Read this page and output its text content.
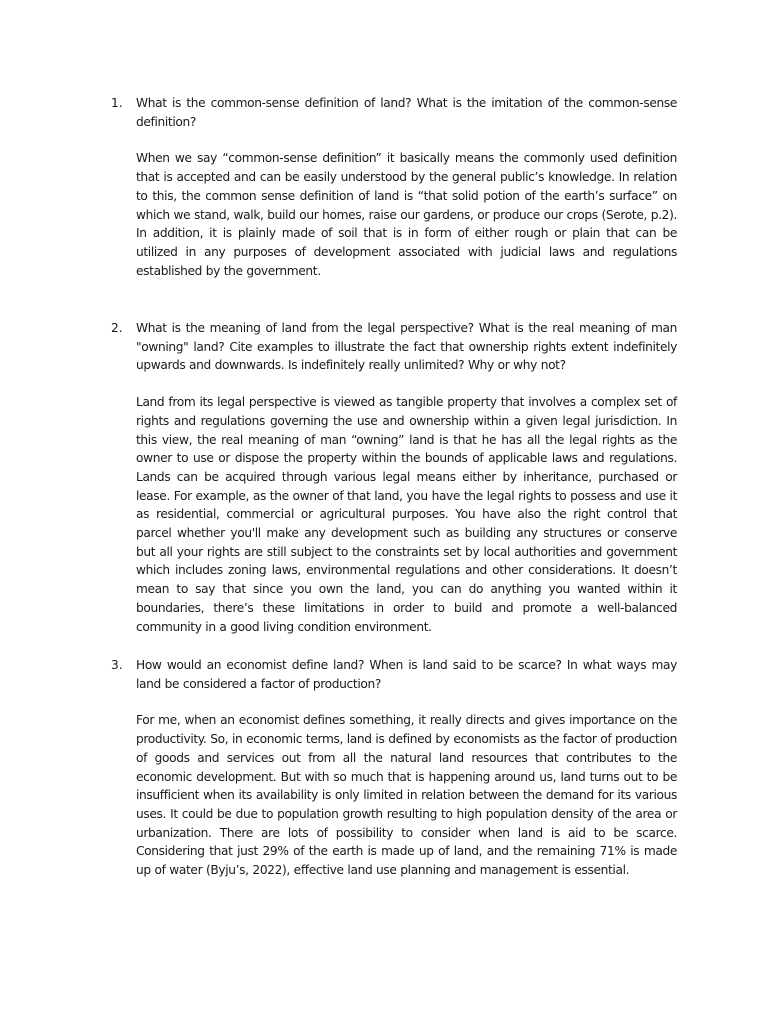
1.	What is the common-sense definition of land? What is the imitation of the common-sense definition?

When we say “common-sense definition” it basically means the commonly used definition that is accepted and can be easily understood by the general public’s knowledge. In relation to this, the common sense definition of land is “that solid potion of the earth’s surface” on which we stand, walk, build our homes, raise our gardens, or produce our crops (Serote, p.2). In addition, it is plainly made of soil that is in form of either rough or plain that can be utilized in any purposes of development associated with judicial laws and regulations established by the government.

2.	What is the meaning of land from the legal perspective? What is the real meaning of man "owning" land? Cite examples to illustrate the fact that ownership rights extent indefinitely upwards and downwards. Is indefinitely really unlimited? Why or why not?

Land from its legal perspective is viewed as tangible property that involves a complex set of rights and regulations governing the use and ownership within a given legal jurisdiction. In this view, the real meaning of man “owning” land is that he has all the legal rights as the owner to use or dispose the property within the bounds of applicable laws and regulations. Lands can be acquired through various legal means either by inheritance, purchased or lease. For example, as the owner of that land, you have the legal rights to possess and use it as residential, commercial or agricultural purposes. You have also the right control that parcel whether you'll make any development such as building any structures or conserve but all your rights are still subject to the constraints set by local authorities and government which includes zoning laws, environmental regulations and other considerations. It doesn’t mean to say that since you own the land, you can do anything you wanted within it boundaries, there’s these limitations in order to build and promote a well-balanced community in a good living condition environment.

3.	How would an economist define land? When is land said to be scarce? In what ways may land be considered a factor of production?

For me, when an economist defines something, it really directs and gives importance on the productivity. So, in economic terms, land is defined by economists as the factor of production of goods and services out from all the natural land resources that contributes to the economic development. But with so much that is happening around us, land turns out to be insufficient when its availability is only limited in relation between the demand for its various uses. It could be due to population growth resulting to high population density of the area or urbanization. There are lots of possibility to consider when land is aid to be scarce. Considering that just 29% of the earth is made up of land, and the remaining 71% is made up of water (Byju’s, 2022), effective land use planning and management is essential.
